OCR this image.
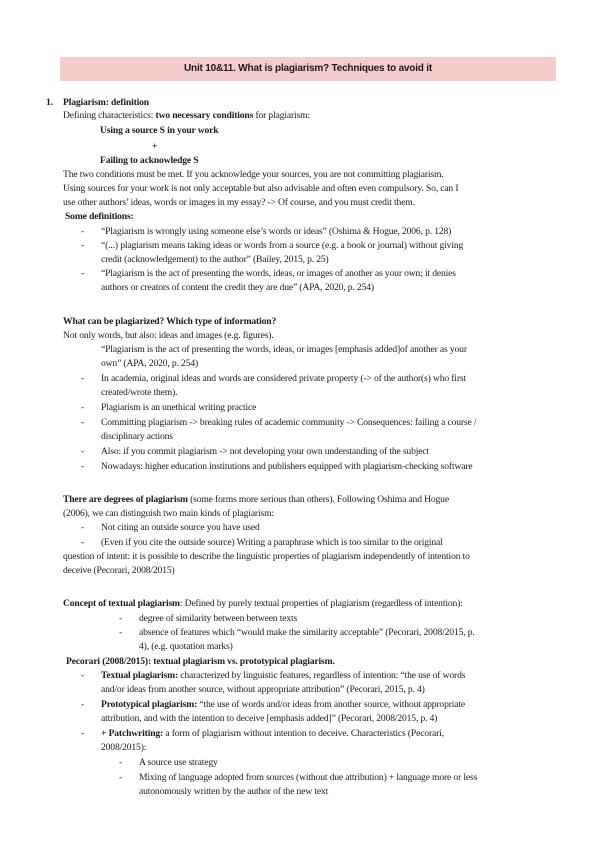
Unit 10&11. What is plagiarism? Techniques to avoid it
1. Plagiarism: definition
Defining characteristics: two necessary conditions for plagiarism:
Using a source S in your work
+
Failing to acknowledge S
The two conditions must be met. If you acknowledge your sources, you are not committing plagiarism.
Using sources for your work is not only acceptable but also advisable and often even compulsory. So, can I
use other authors’ ideas, words or images in my essay? -> Of course, and you must credit them.
Some definitions:
- “Plagiarism is wrongly using someone else’s words or ideas” (Oshima & Hogue, 2006, p. 128)
- “(...) plagiarism means taking ideas or words from a source (e.g. a book or journal) without giving
credit (acknowledgement) to the author” (Bailey, 2015, p. 25)
- “Plagiarism is the act of presenting the words, ideas, or images of another as your own; it denies
authors or creators of content the credit they are due” (APA, 2020, p. 254)
What can be plagiarized? Which type of information?
Not only words, but also: ideas and images (e.g. figures).
“Plagiarism is the act of presenting the words, ideas, or images [emphasis added]of another as your
own” (APA, 2020, p. 254)
- In academia, original ideas and words are considered private property (-> of the author(s) who first
created/wrote them).
- Plagiarism is an unethical writing practice
- Committing plagiarism -> breaking rules of academic community -> Consequences: failing a course /
disciplinary actions
- Also: if you commit plagiarism -> not developing your own understanding of the subject
- Nowadays: higher education institutions and publishers equipped with plagiarism-checking software
There are degrees of plagiarism (some forms more serious than others). Following Oshima and Hogue
(2006), we can distinguish two main kinds of plagiarism:
- Not citing an outside source you have used
- (Even if you cite the outside source) Writing a paraphrase which is too similar to the original
question of intent: it is possible to describe the linguistic properties of plagiarism independently of intention to
deceive (Pecorari, 2008/2015)
Concept of textual plagiarism: Defined by purely textual properties of plagiarism (regardless of intention):
- degree of similarity between between texts
- absence of features which “would make the similarity acceptable” (Pecorari, 2008/2015, p.
4), (e.g. quotation marks)
Pecorari (2008/2015): textual plagiarism vs. prototypical plagiarism.
- Textual plagiarism: characterized by linguistic features, regardless of intention: “the use of words
and/or ideas from another source, without appropriate attribution” (Pecorari, 2015, p. 4)
- Prototypical plagiarism: “the use of words and/or ideas from another source, without appropriate
attribution, and with the intention to deceive [emphasis added]” (Pecorari, 2008/2015, p. 4)
- + Patchwriting: a form of plagiarism without intention to deceive. Characteristics (Pecorari,
2008/2015):
- A source use strategy
- Mixing of language adopted from sources (without due attribution) + language more or less
autonomously written by the author of the new text
